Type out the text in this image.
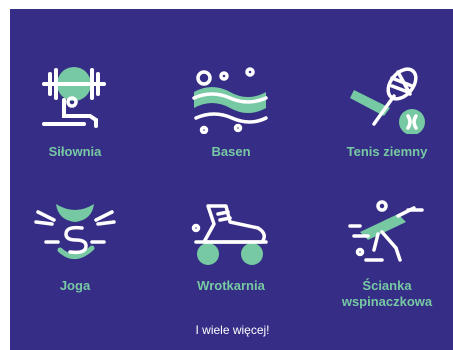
Siłownia	Basen	Tenis ziemny
Joga	Wrotkarnia	Ścianka wspinaczkowa
I wiele więcej!
